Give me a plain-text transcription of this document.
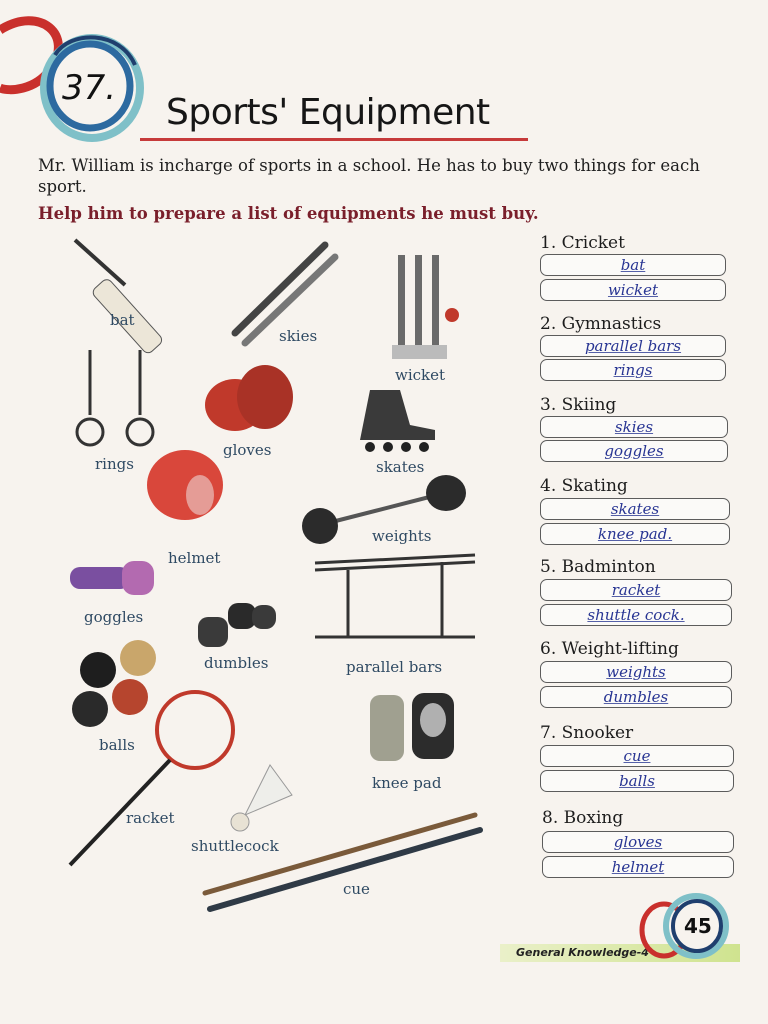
37.
Sports' Equipment
Mr. William is incharge of sports in a school. He has to buy two things for each sport.
Help him to prepare a list of equipments he must buy.
bat
skies
wicket
rings
gloves
skates
helmet
weights
goggles
dumbles	parallel bars
balls
knee pad
racket
shuttlecock
cue
1. Cricket
bat
wicket
2. Gymnastics
parallel bars
rings
3. Skiing
skies
goggles
4. Skating
skates
knee pad.
5. Badminton
racket
shuttle cock.
6. Weight-lifting
weights
dumbles
7. Snooker
cue
balls
8. Boxing
gloves
helmet
General Knowledge-4
45
